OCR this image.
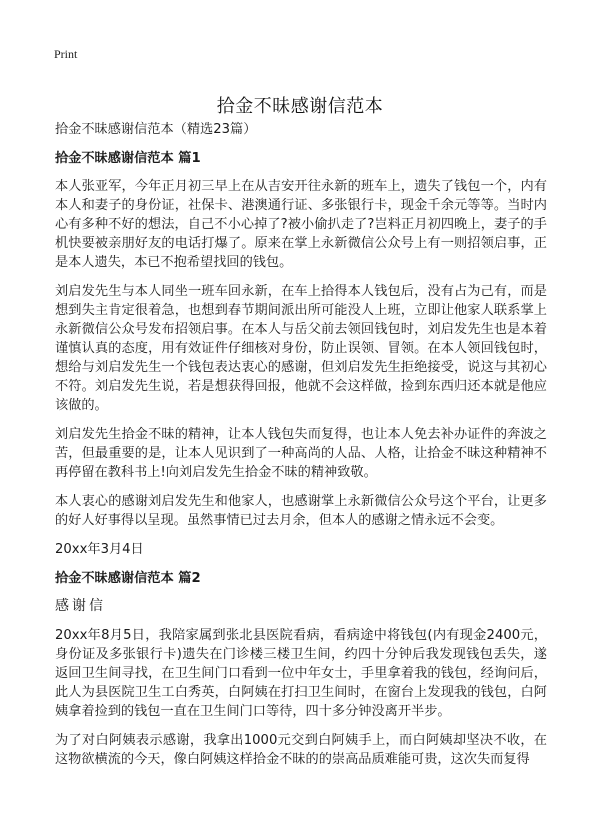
Print
拾金不昧感谢信范本

拾金不昧感谢信范本（精选23篇）

拾金不昧感谢信范本 篇1

本人张亚军，今年正月初三早上在从吉安开往永新的班车上，遗失了钱包一个，内有本人和妻子的身份证，社保卡、港澳通行证、多张银行卡，现金千余元等等。当时内心有多种不好的想法，自己不小心掉了?被小偷扒走了?岂料正月初四晚上，妻子的手机快要被亲朋好友的电话打爆了。原来在掌上永新微信公众号上有一则招领启事，正是本人遗失，本已不抱希望找回的钱包。

刘启发先生与本人同坐一班车回永新，在车上拾得本人钱包后，没有占为己有，而是想到失主肯定很着急，也想到春节期间派出所可能没人上班，立即让他家人联系掌上永新微信公众号发布招领启事。在本人与岳父前去领回钱包时，刘启发先生也是本着谨慎认真的态度，用有效证件仔细核对身份，防止误领、冒领。在本人领回钱包时，想给与刘启发先生一个钱包表达衷心的感谢，但刘启发先生拒绝接受，说这与其初心不符。刘启发先生说，若是想获得回报，他就不会这样做，捡到东西归还本就是他应该做的。

刘启发先生拾金不昧的精神，让本人钱包失而复得，也让本人免去补办证件的奔波之苦，但最重要的是，让本人见识到了一种高尚的人品、人格，让拾金不昧这种精神不再停留在教科书上!向刘启发先生拾金不昧的精神致敬。

本人衷心的感谢刘启发先生和他家人，也感谢掌上永新微信公众号这个平台，让更多的好人好事得以呈现。虽然事情已过去月余，但本人的感谢之情永远不会变。

20xx年3月4日

拾金不昧感谢信范本 篇2

感谢信

20xx年8月5日，我陪家属到张北县医院看病，看病途中将钱包(内有现金2400元，身份证及多张银行卡)遗失在门诊楼三楼卫生间，约四十分钟后我发现钱包丢失，遂返回卫生间寻找，在卫生间门口看到一位中年女士，手里拿着我的钱包，经询问后，此人为县医院卫生工白秀英，白阿姨在打扫卫生间时，在窗台上发现我的钱包，白阿姨拿着捡到的钱包一直在卫生间门口等待，四十多分钟没离开半步。

为了对白阿姨表示感谢，我拿出1000元交到白阿姨手上，而白阿姨却坚决不收，在这物欲横流的今天，像白阿姨这样拾金不昧的的崇高品质难能可贵，这次失而复得
